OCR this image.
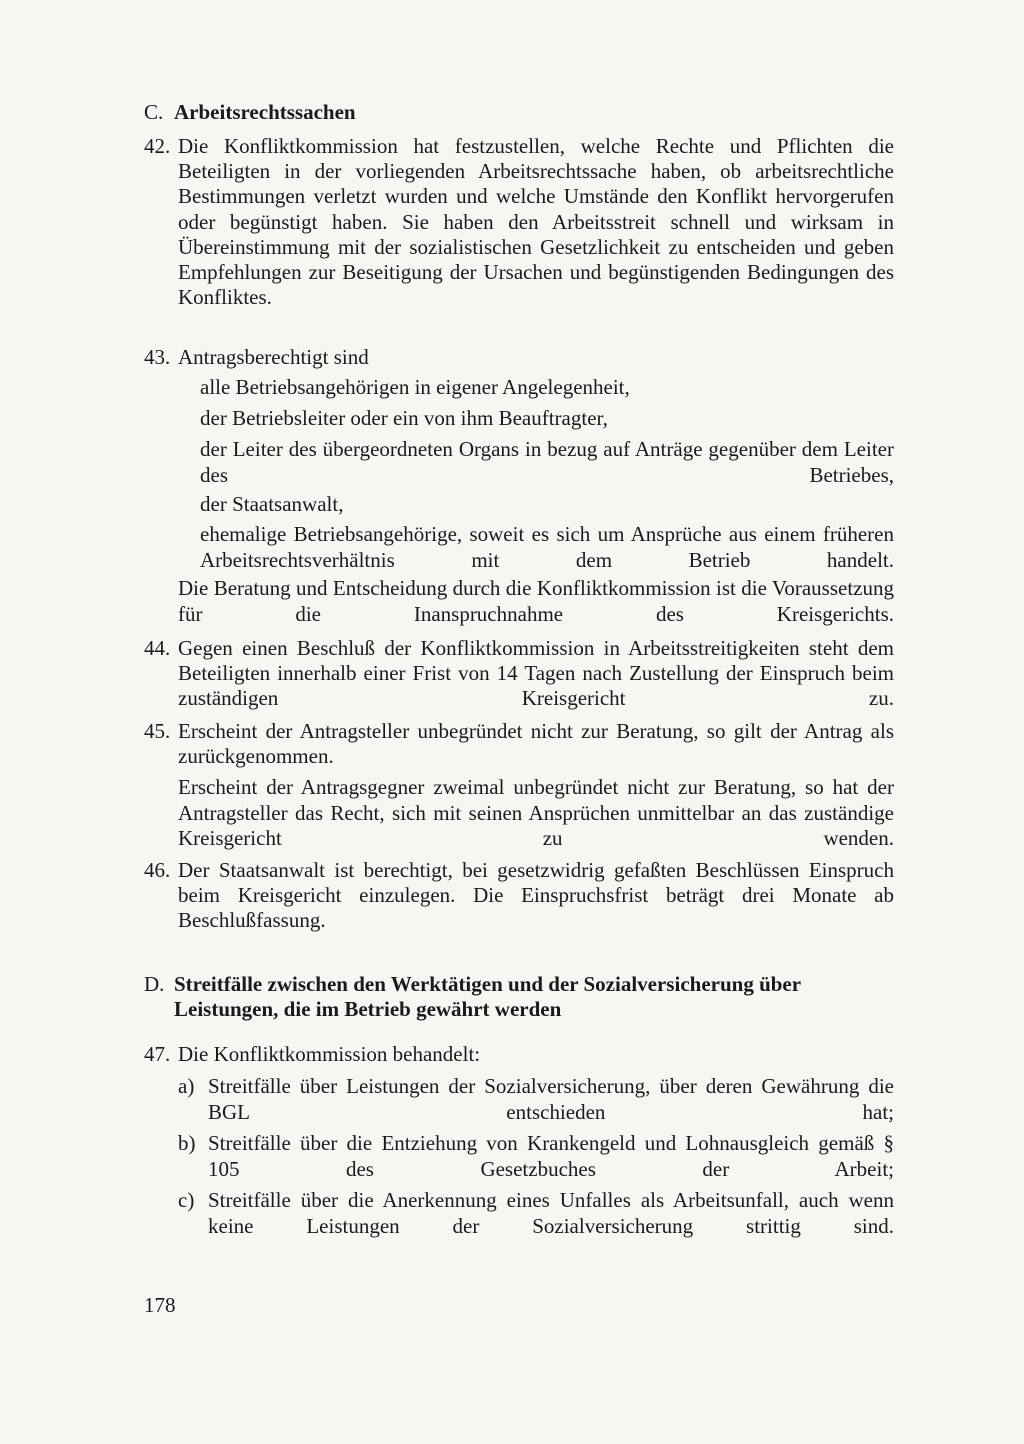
C. Arbeitsrechtssachen
42. Die Konfliktkommission hat festzustellen, welche Rechte und Pflichten die Beteiligten in der vorliegenden Arbeitsrechtssache haben, ob arbeitsrechtliche Bestimmungen verletzt wurden und welche Umstände den Konflikt hervorgerufen oder begünstigt haben. Sie haben den Arbeitsstreit schnell und wirksam in Übereinstimmung mit der sozialistischen Gesetzlichkeit zu entscheiden und geben Empfehlungen zur Beseitigung der Ursachen und begünstigenden Bedingungen des Konfliktes.
43. Antragsberechtigt sind
alle Betriebsangehörigen in eigener Angelegenheit,
der Betriebsleiter oder ein von ihm Beauftragter,
der Leiter des übergeordneten Organs in bezug auf Anträge gegenüber dem Leiter des Betriebes,
der Staatsanwalt,
ehemalige Betriebsangehörige, soweit es sich um Ansprüche aus einem früheren Arbeitsrechtsverhältnis mit dem Betrieb handelt.
Die Beratung und Entscheidung durch die Konfliktkommission ist die Voraussetzung für die Inanspruchnahme des Kreisgerichts.
44. Gegen einen Beschluß der Konfliktkommission in Arbeitsstreitigkeiten steht dem Beteiligten innerhalb einer Frist von 14 Tagen nach Zustellung der Einspruch beim zuständigen Kreisgericht zu.
45. Erscheint der Antragsteller unbegründet nicht zur Beratung, so gilt der Antrag als zurückgenommen.
Erscheint der Antragsgegner zweimal unbegründet nicht zur Beratung, so hat der Antragsteller das Recht, sich mit seinen Ansprüchen unmittelbar an das zuständige Kreisgericht zu wenden.
46. Der Staatsanwalt ist berechtigt, bei gesetzwidrig gefaßten Beschlüssen Einspruch beim Kreisgericht einzulegen. Die Einspruchsfrist beträgt drei Monate ab Beschlußfassung.
D. Streitfälle zwischen den Werktätigen und der Sozialversicherung über Leistungen, die im Betrieb gewährt werden
47. Die Konfliktkommission behandelt:
a) Streitfälle über Leistungen der Sozialversicherung, über deren Gewährung die BGL entschieden hat;
b) Streitfälle über die Entziehung von Krankengeld und Lohnausgleich gemäß § 105 des Gesetzbuches der Arbeit;
c) Streitfälle über die Anerkennung eines Unfalles als Arbeitsunfall, auch wenn keine Leistungen der Sozialversicherung strittig sind.
178
